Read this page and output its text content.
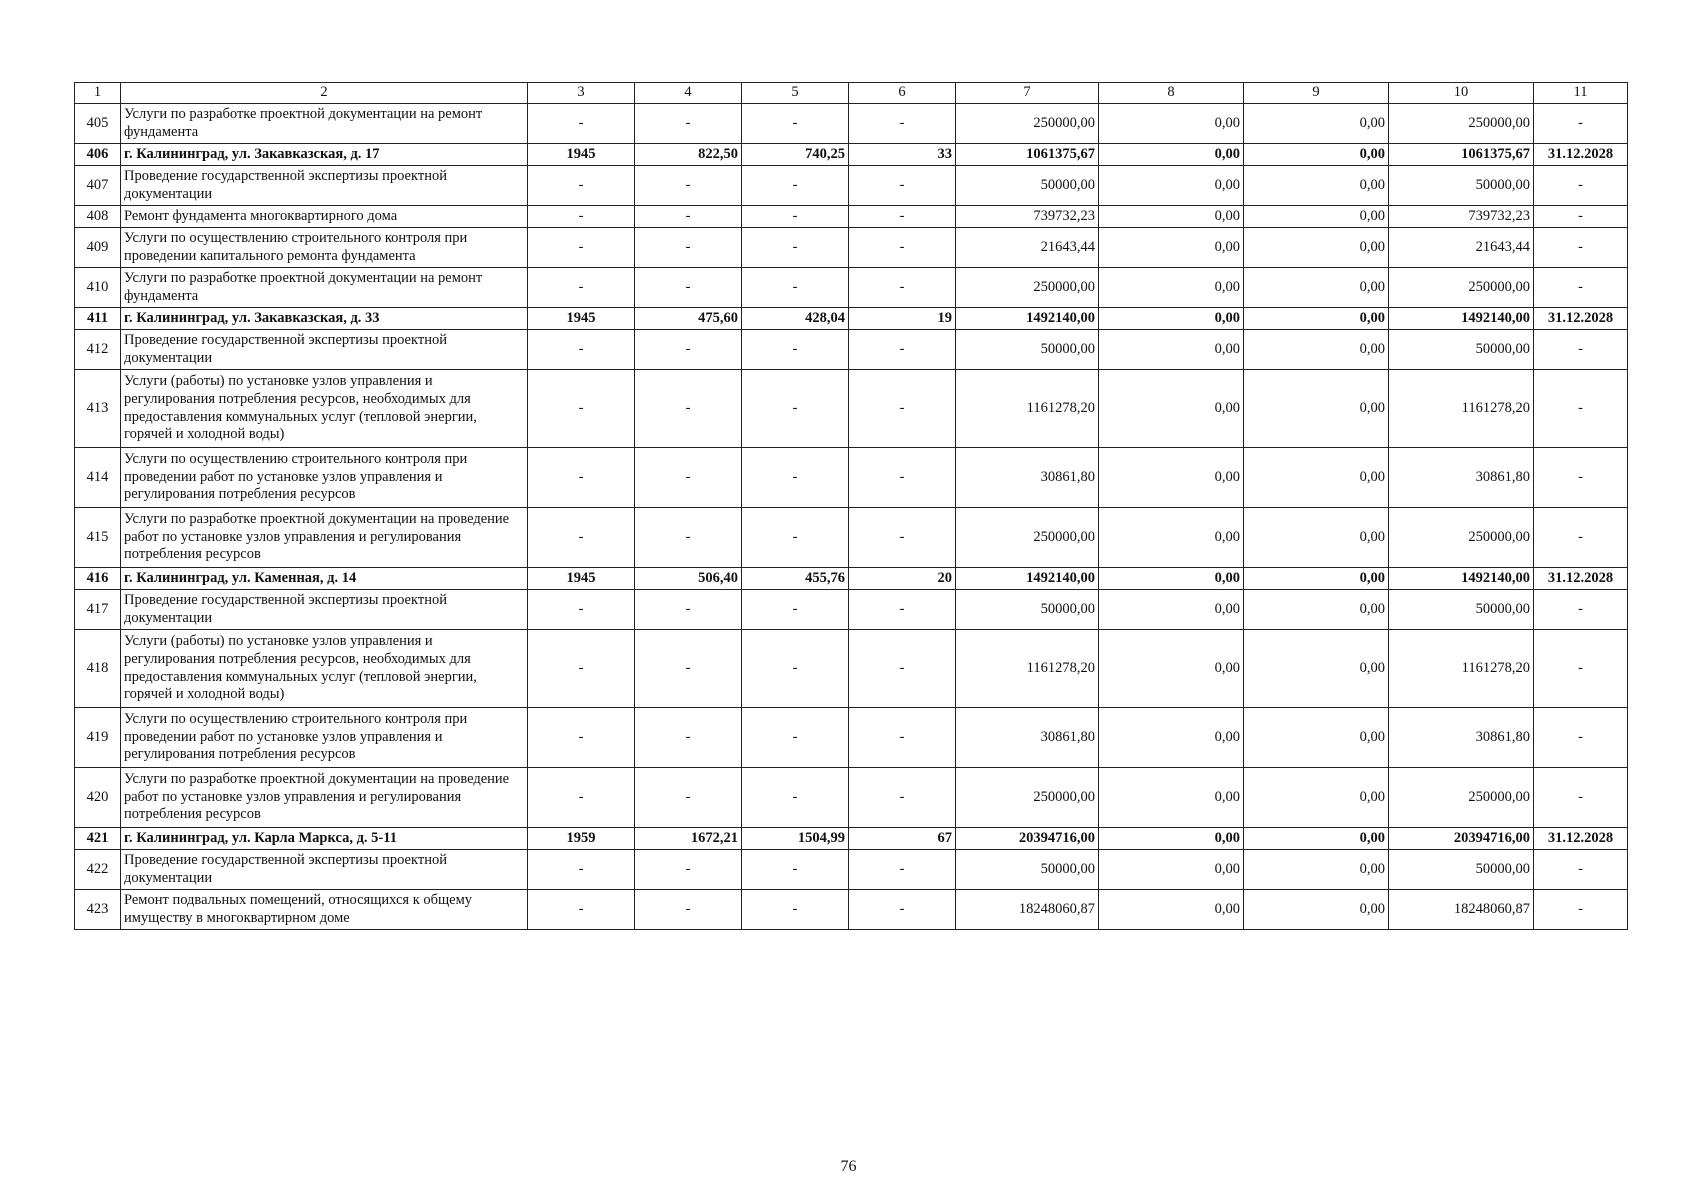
1	2	3	4	5	6	7	8	9	10	11
405	Услуги по разработке проектной документации на ремонт фундамента	-	-	-	-	250000,00	0,00	0,00	250000,00	-
406	г. Калининград, ул. Закавказская, д. 17	1945	822,50	740,25	33	1061375,67	0,00	0,00	1061375,67	31.12.2028
407	Проведение государственной экспертизы проектной документации	-	-	-	-	50000,00	0,00	0,00	50000,00	-
408	Ремонт фундамента многоквартирного дома	-	-	-	-	739732,23	0,00	0,00	739732,23	-
409	Услуги по осуществлению строительного контроля при проведении капитального ремонта фундамента	-	-	-	-	21643,44	0,00	0,00	21643,44	-
410	Услуги по разработке проектной документации на ремонт фундамента	-	-	-	-	250000,00	0,00	0,00	250000,00	-
411	г. Калининград, ул. Закавказская, д. 33	1945	475,60	428,04	19	1492140,00	0,00	0,00	1492140,00	31.12.2028
412	Проведение государственной экспертизы проектной документации	-	-	-	-	50000,00	0,00	0,00	50000,00	-
413	Услуги (работы) по установке узлов управления и регулирования потребления ресурсов, необходимых для предоставления коммунальных услуг (тепловой энергии, горячей и холодной воды)	-	-	-	-	1161278,20	0,00	0,00	1161278,20	-
414	Услуги по осуществлению строительного контроля при проведении работ по установке узлов управления и регулирования потребления ресурсов	-	-	-	-	30861,80	0,00	0,00	30861,80	-
415	Услуги по разработке проектной документации на проведение работ по установке узлов управления и регулирования потребления ресурсов	-	-	-	-	250000,00	0,00	0,00	250000,00	-
416	г. Калининград, ул. Каменная, д. 14	1945	506,40	455,76	20	1492140,00	0,00	0,00	1492140,00	31.12.2028
417	Проведение государственной экспертизы проектной документации	-	-	-	-	50000,00	0,00	0,00	50000,00	-
418	Услуги (работы) по установке узлов управления и регулирования потребления ресурсов, необходимых для предоставления коммунальных услуг (тепловой энергии, горячей и холодной воды)	-	-	-	-	1161278,20	0,00	0,00	1161278,20	-
419	Услуги по осуществлению строительного контроля при проведении работ по установке узлов управления и регулирования потребления ресурсов	-	-	-	-	30861,80	0,00	0,00	30861,80	-
420	Услуги по разработке проектной документации на проведение работ по установке узлов управления и регулирования потребления ресурсов	-	-	-	-	250000,00	0,00	0,00	250000,00	-
421	г. Калининград, ул. Карла Маркса, д. 5-11	1959	1672,21	1504,99	67	20394716,00	0,00	0,00	20394716,00	31.12.2028
422	Проведение государственной экспертизы проектной документации	-	-	-	-	50000,00	0,00	0,00	50000,00	-
423	Ремонт подвальных помещений, относящихся к общему имуществу в многоквартирном доме	-	-	-	-	18248060,87	0,00	0,00	18248060,87	-
76
